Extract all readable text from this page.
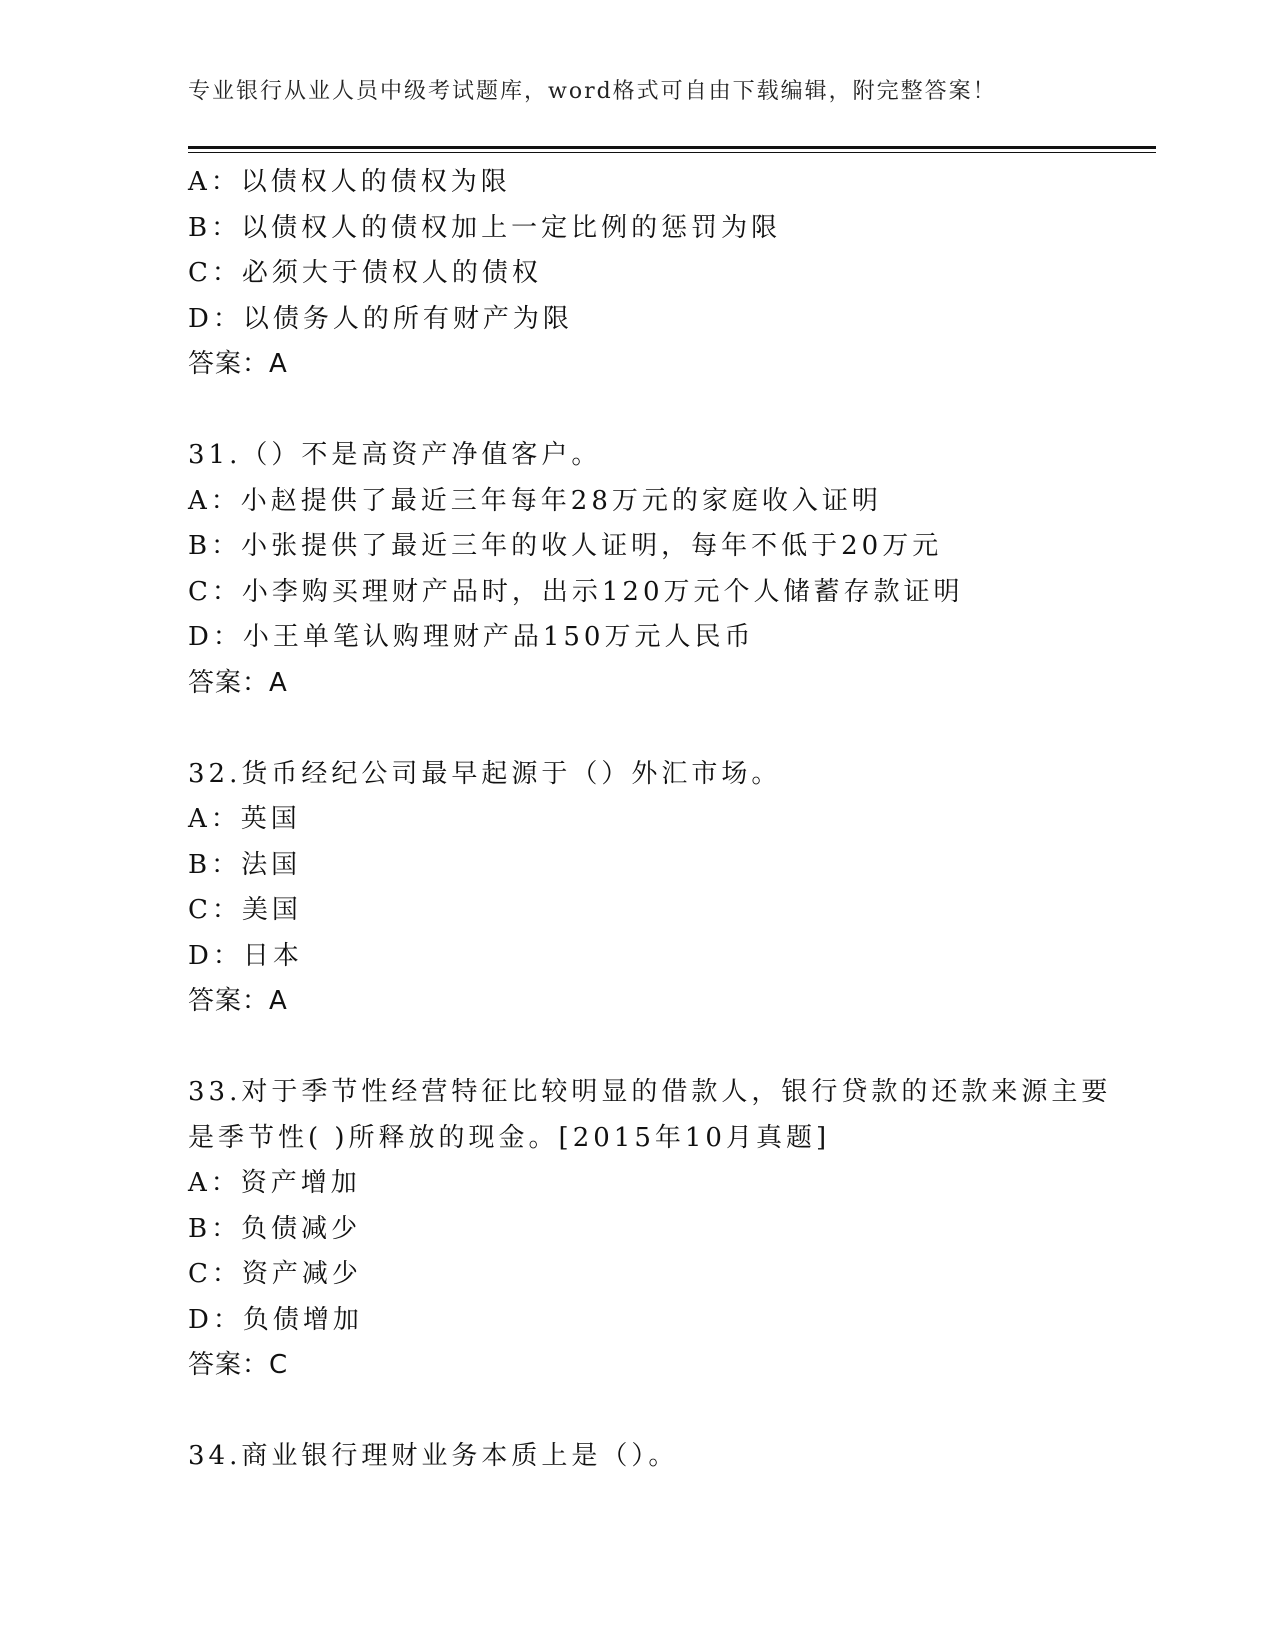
专业银行从业人员中级考试题库，word格式可自由下载编辑，附完整答案！
A：以债权人的债权为限
B：以债权人的债权加上一定比例的惩罚为限
C：必须大于债权人的债权
D：以债务人的所有财产为限
答案：A
31.（）不是高资产净值客户。
A：小赵提供了最近三年每年28万元的家庭收入证明
B：小张提供了最近三年的收人证明，每年不低于20万元
C：小李购买理财产品时，出示120万元个人储蓄存款证明
D：小王单笔认购理财产品150万元人民币
答案：A
32.货币经纪公司最早起源于（）外汇市场。
A：英国
B：法国
C：美国
D：日本
答案：A
33.对于季节性经营特征比较明显的借款人，银行贷款的还款来源主要
是季节性( )所释放的现金。[2015年10月真题]
A：资产增加
B：负债减少
C：资产减少
D：负债增加
答案：C
34.商业银行理财业务本质上是（）。
